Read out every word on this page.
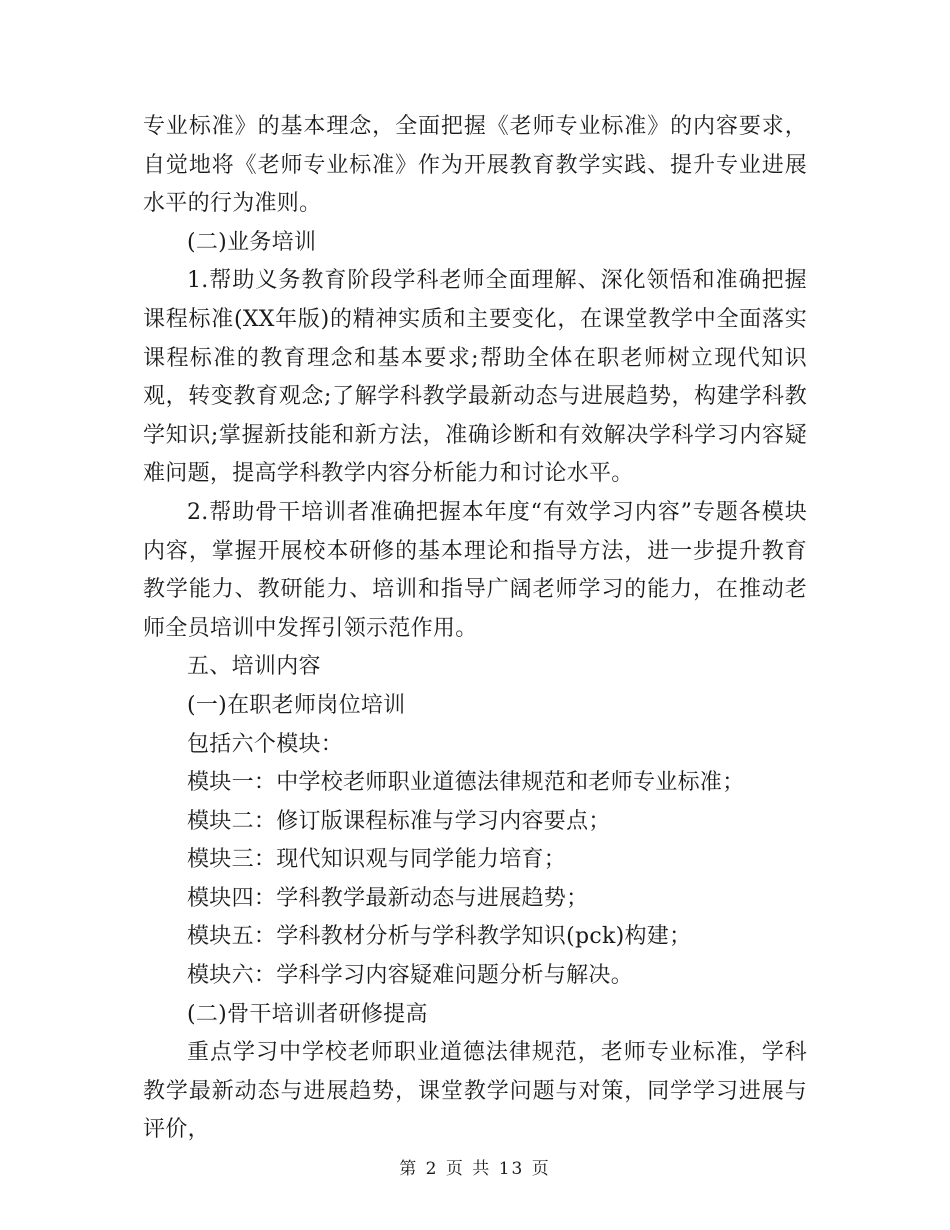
专业标准》的基本理念，全面把握《老师专业标准》的内容要求，自觉地将《老师专业标准》作为开展教育教学实践、提升专业进展水平的行为准则。

(二)业务培训

1.帮助义务教育阶段学科老师全面理解、深化领悟和准确把握课程标准(XX年版)的精神实质和主要变化，在课堂教学中全面落实课程标准的教育理念和基本要求;帮助全体在职老师树立现代知识观，转变教育观念;了解学科教学最新动态与进展趋势，构建学科教学知识;掌握新技能和新方法，准确诊断和有效解决学科学习内容疑难问题，提高学科教学内容分析能力和讨论水平。

2.帮助骨干培训者准确把握本年度“有效学习内容”专题各模块内容，掌握开展校本研修的基本理论和指导方法，进一步提升教育教学能力、教研能力、培训和指导广阔老师学习的能力，在推动老师全员培训中发挥引领示范作用。

五、培训内容

(一)在职老师岗位培训

包括六个模块：

模块一：中学校老师职业道德法律规范和老师专业标准；

模块二：修订版课程标准与学习内容要点；

模块三：现代知识观与同学能力培育；

模块四：学科教学最新动态与进展趋势；

模块五：学科教材分析与学科教学知识(pck)构建；

模块六：学科学习内容疑难问题分析与解决。

(二)骨干培训者研修提高

重点学习中学校老师职业道德法律规范，老师专业标准，学科教学最新动态与进展趋势，课堂教学问题与对策，同学学习进展与评价，

第 2 页 共 13 页
